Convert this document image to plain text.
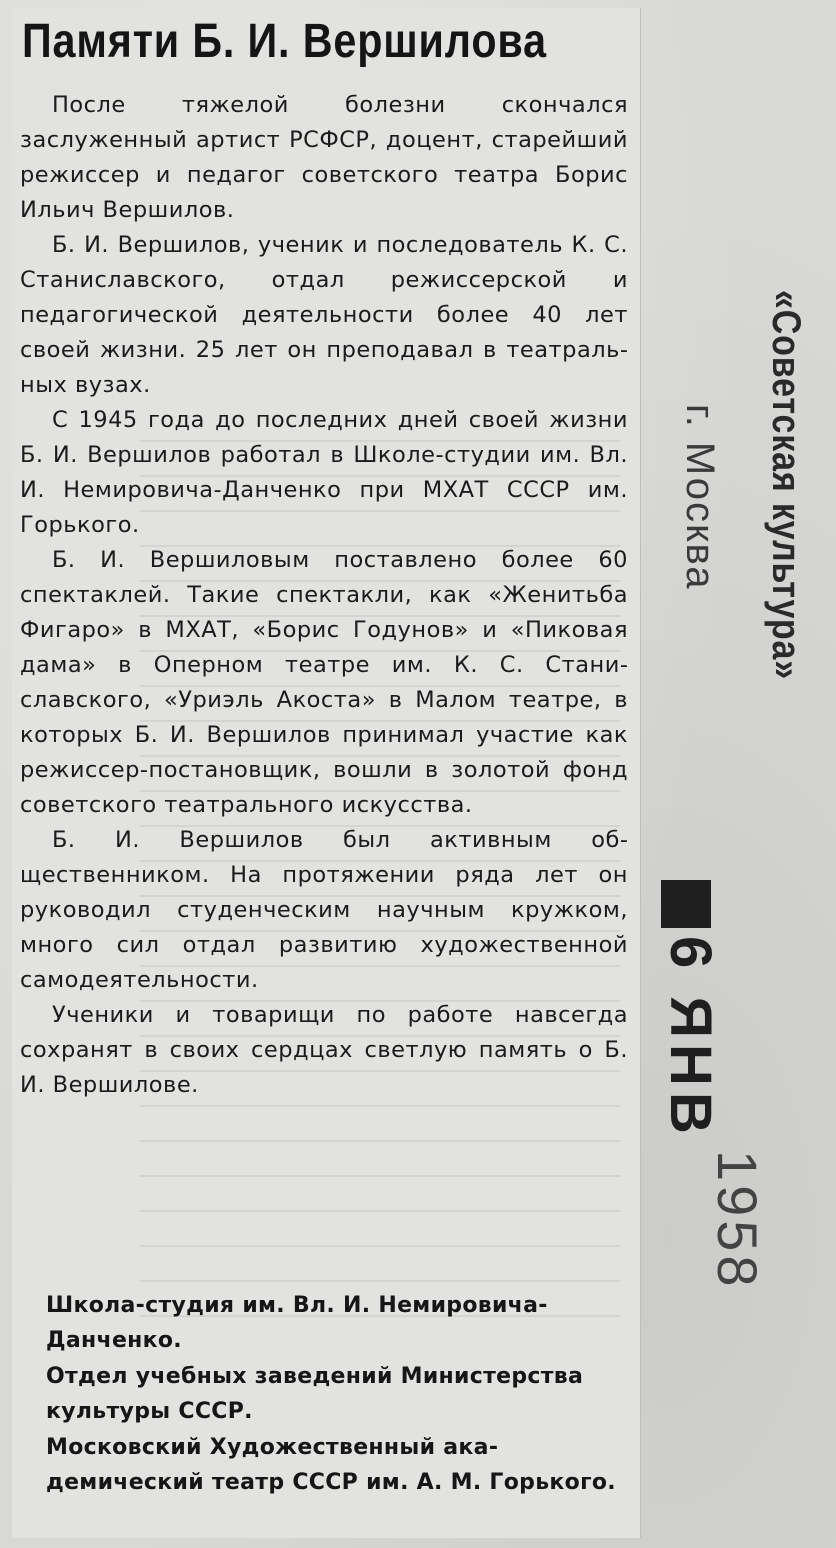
Памяти Б. И. Вершилова

После тяжелой болезни скончался заслуженный артист РСФСР, доцент, старейший режиссер и педагог советского театра Борис Ильич Вершилов.

Б. И. Вершилов, ученик и последователь К. С. Станиславского, отдал режиссерской и педагогической деятельности более 40 лет своей жизни. 25 лет он преподавал в театральных вузах.

С 1945 года до последних дней своей жизни Б. И. Вершилов работал в Школе-студии им. Вл. И. Немировича-Данченко при МХАТ СССР им. Горького.

Б. И. Вершиловым поставлено более 60 спектаклей. Такие спектакли, как «Женитьба Фигаро» в МХАТ, «Борис Годунов» и «Пиковая дама» в Оперном театре им. К. С. Станиславского, «Уриэль Акоста» в Малом театре, в которых Б. И. Вершилов принимал участие как режиссер-постановщик, вошли в золотой фонд советского театрального искусства.

Б. И. Вершилов был активным общественником. На протяжении ряда лет он руководил студенческим научным кружком, много сил отдал развитию художественной самодеятельности.

Ученики и товарищи по работе навсегда сохранят в своих сердцах светлую память о Б. И. Вершилове.

Школа-студия им. Вл. И. Немировича-Данченко.

Отдел учебных заведений Министерства культуры СССР.

Московский Художественный академический театр СССР им. А. М. Горького.

«Советская культура»
г. Москва
6 ЯНВ
1958
